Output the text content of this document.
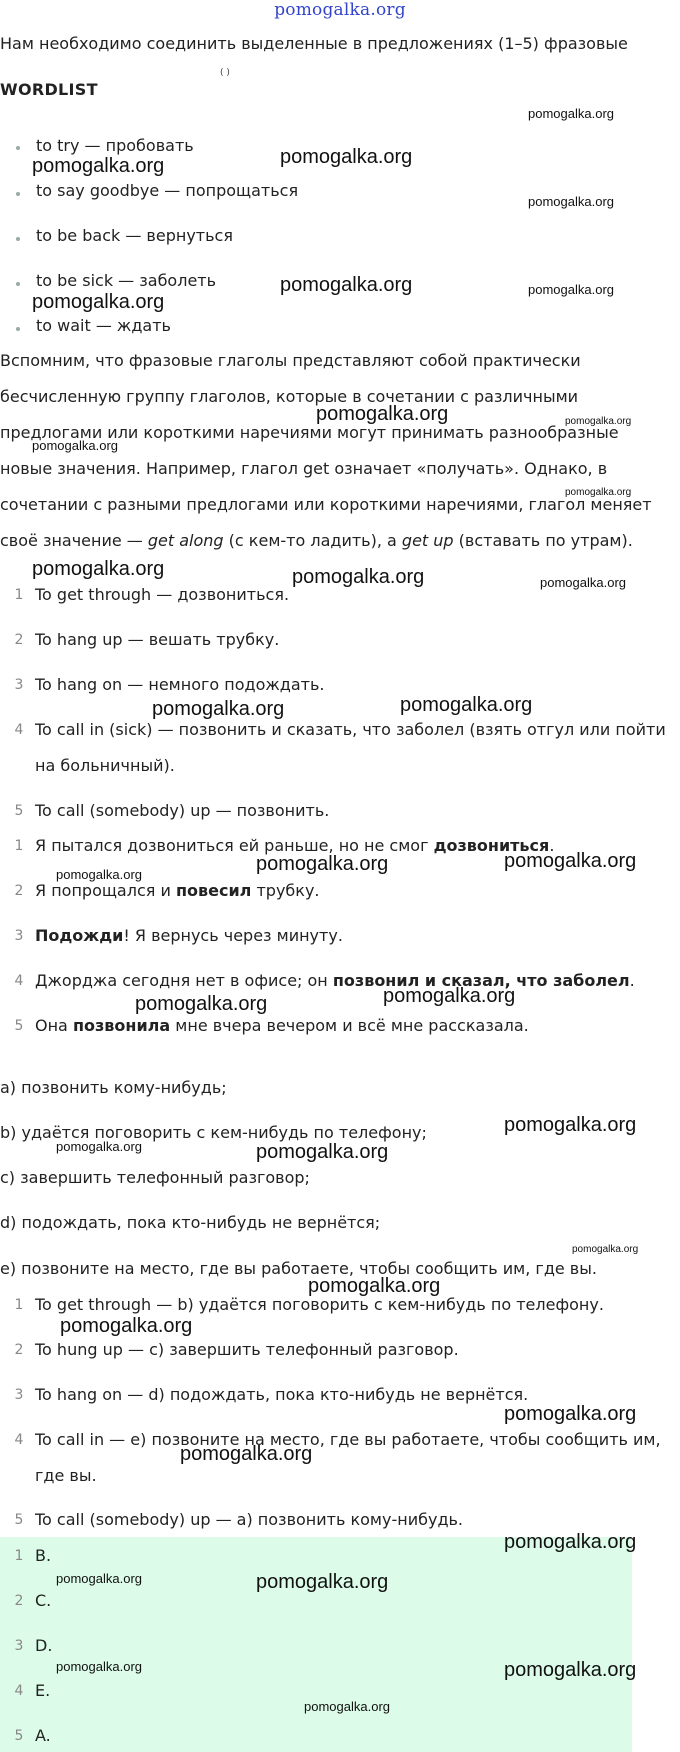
pomogalka.org
Нам необходимо соединить выделенные в предложениях (1–5) фразовые
( )
WORDLIST
to try — пробовать
to say goodbye — попрощаться
to be back — вернуться
to be sick — заболеть
to wait — ждать
Вспомним, что фразовые глаголы представляют собой практически
бесчисленную группу глаголов, которые в сочетании с различными
предлогами или короткими наречиями могут принимать разнообразные
новые значения. Например, глагол get означает «получать». Однако, в
сочетании с разными предлогами или короткими наречиями, глагол меняет
своё значение — get along (с кем-то ладить), а get up (вставать по утрам).
1 To get through — дозвониться.
2 To hang up — вешать трубку.
3 To hang on — немного подождать.
4 To call in (sick) — позвонить и сказать, что заболел (взять отгул или пойти
на больничный).
5 To call (somebody) up — позвонить.
1 Я пытался дозвониться ей раньше, но не смог дозвониться.
2 Я попрощался и повесил трубку.
3 Подожди! Я вернусь через минуту.
4 Джорджа сегодня нет в офисе; он позвонил и сказал, что заболел.
5 Она позвонила мне вчера вечером и всё мне рассказала.
a) позвонить кому-нибудь;
b) удаётся поговорить с кем-нибудь по телефону;
c) завершить телефонный разговор;
d) подождать, пока кто-нибудь не вернётся;
e) позвоните на место, где вы работаете, чтобы сообщить им, где вы.
1 To get through — b) удаётся поговорить с кем-нибудь по телефону.
2 To hung up — c) завершить телефонный разговор.
3 To hang on — d) подождать, пока кто-нибудь не вернётся.
4 To call in — e) позвоните на место, где вы работаете, чтобы сообщить им,
где вы.
5 To call (somebody) up — a) позвонить кому-нибудь.
1 B.
2 C.
3 D.
4 E.
5 A.
pomogalka.org
pomogalka.org	pomogalka.org
pomogalka.org
pomogalka.org	pomogalka.org
pomogalka.org
pomogalka.org	pomogalka.org
pomogalka.org
pomogalka.org
pomogalka.org	pomogalka.org	pomogalka.org
pomogalka.org	pomogalka.org
pomogalka.org	pomogalka.org	pomogalka.org
pomogalka.org
pomogalka.org
pomogalka.org
pomogalka.org	pomogalka.org
pomogalka.org
pomogalka.org
pomogalka.org
pomogalka.org
pomogalka.org
pomogalka.org
pomogalka.org	pomogalka.org
pomogalka.org	pomogalka.org
pomogalka.org
